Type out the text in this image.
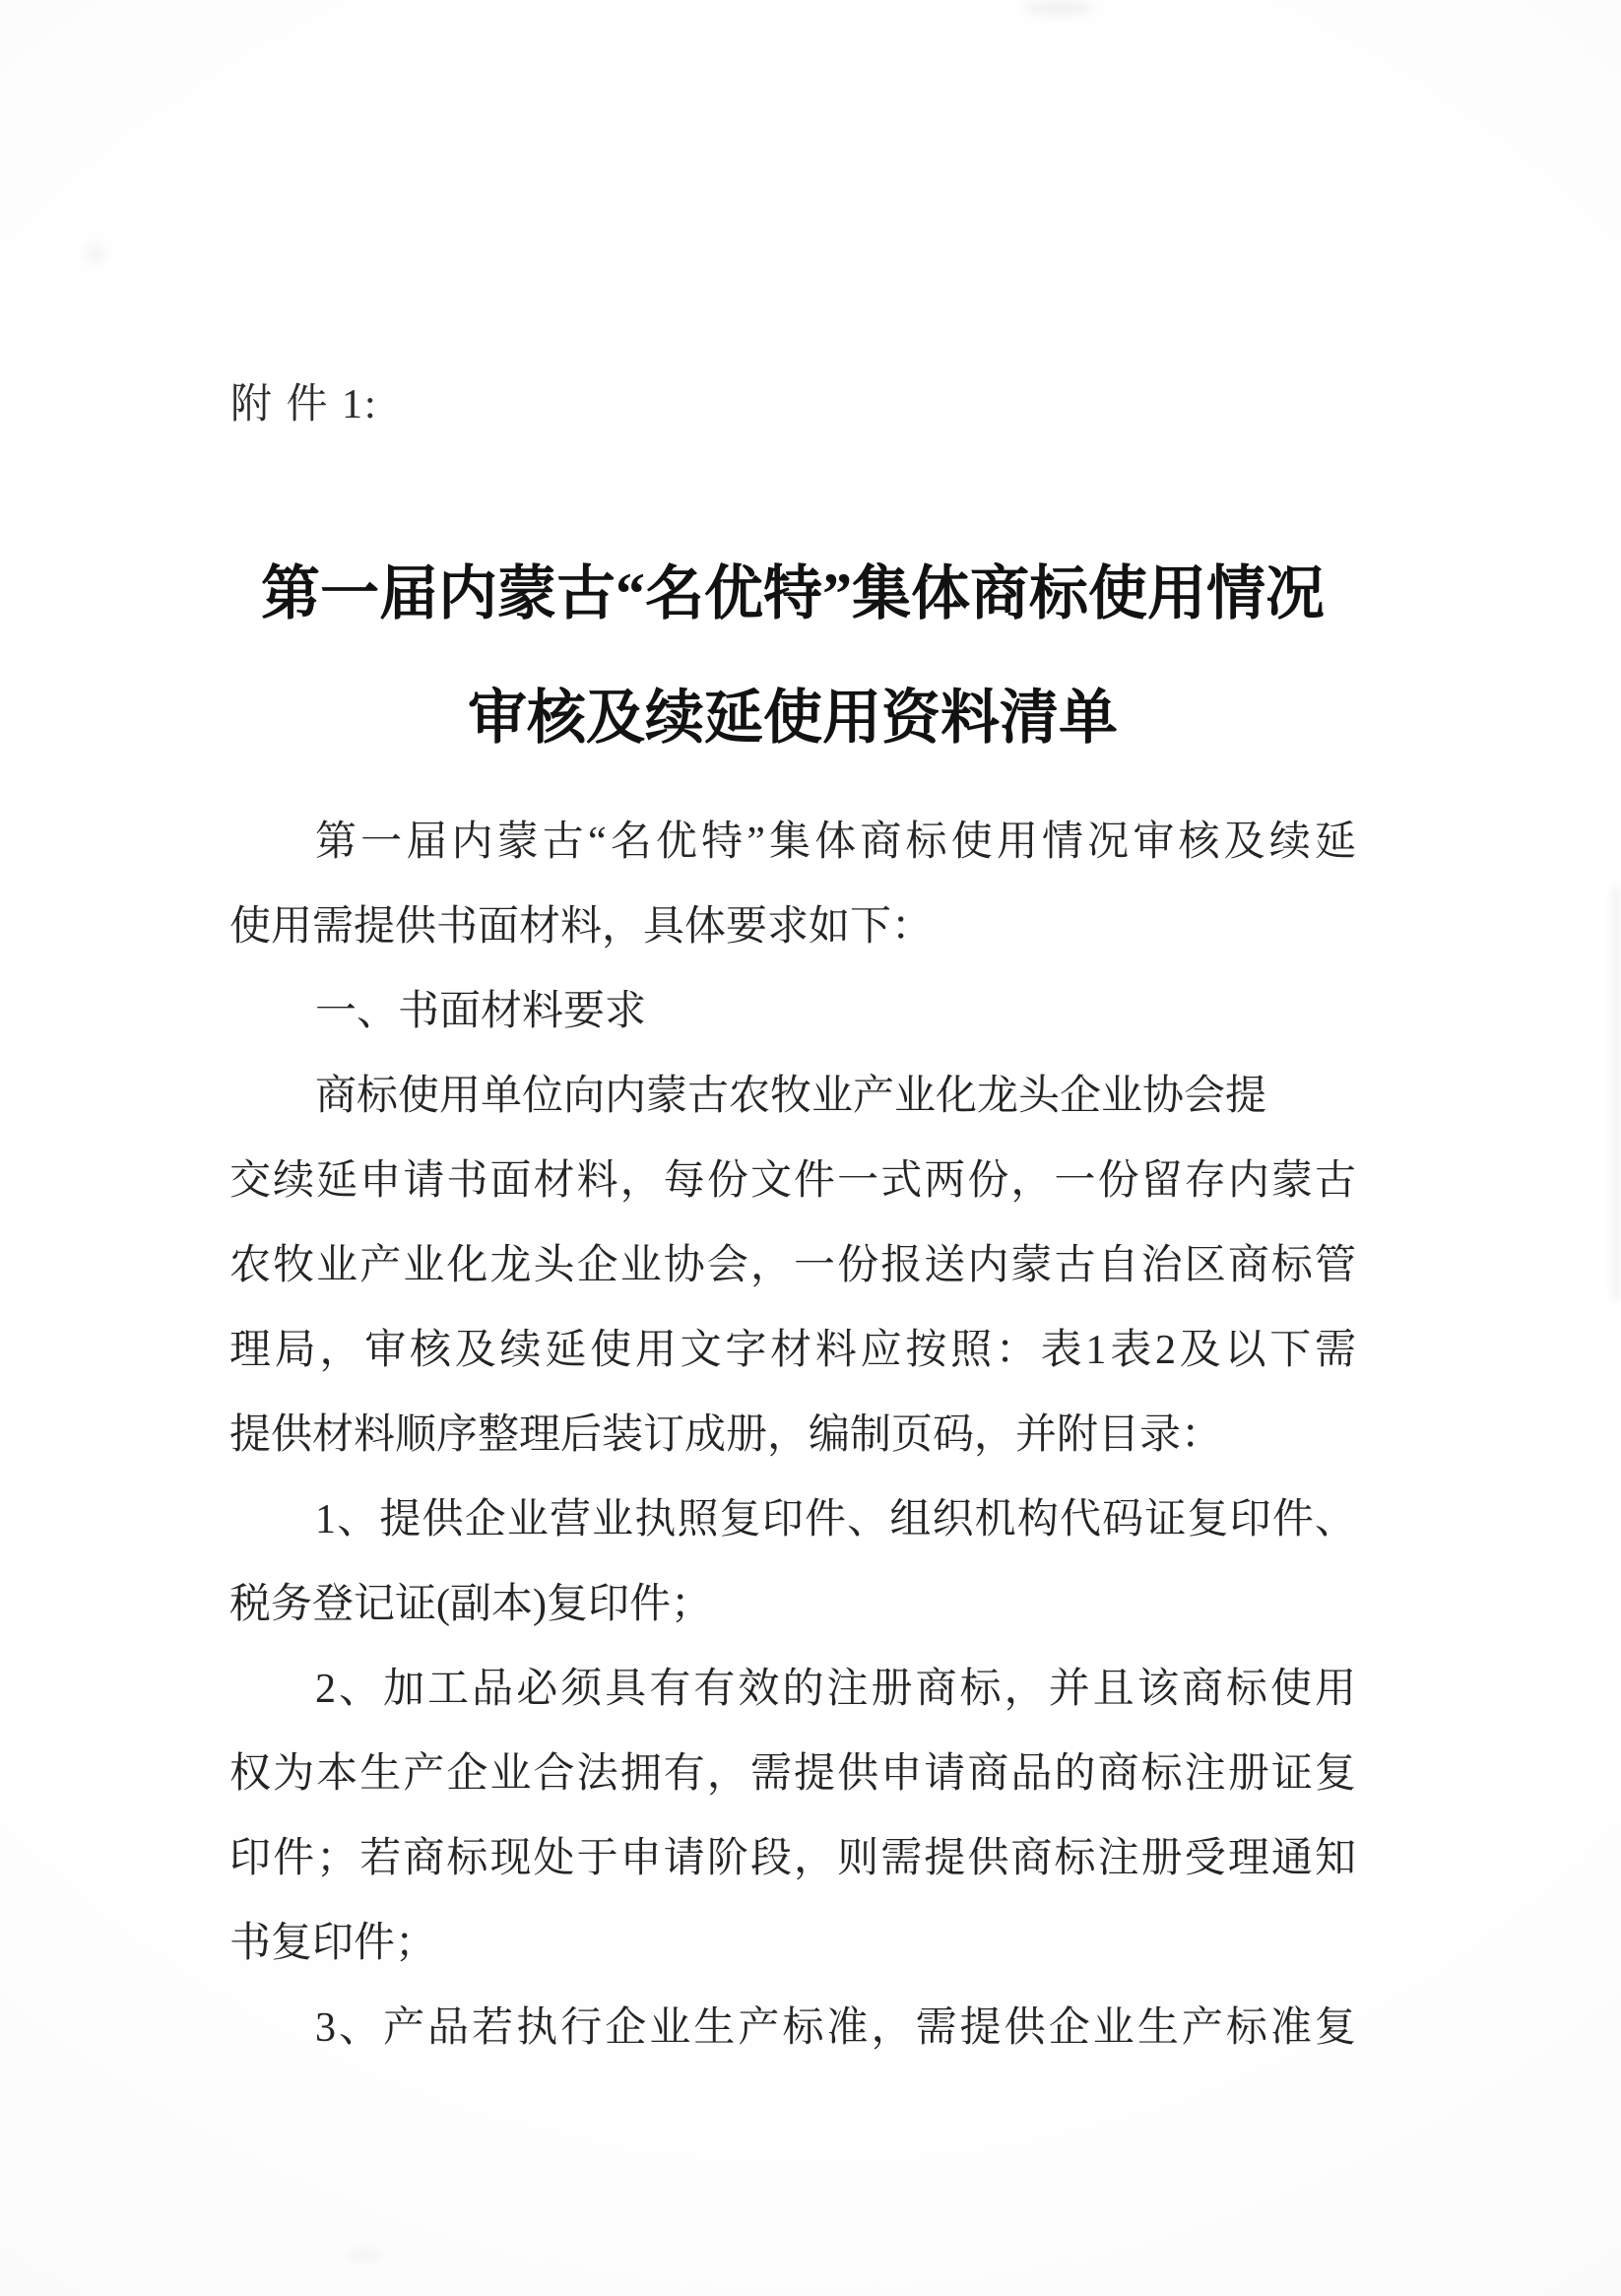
附 件 1:
第一届内蒙古“名优特”集体商标使用情况
审核及续延使用资料清单
第一届内蒙古“名优特”集体商标使用情况审核及续延
使用需提供书面材料，具体要求如下：
一、书面材料要求
商标使用单位向内蒙古农牧业产业化龙头企业协会提
交续延申请书面材料，每份文件一式两份，一份留存内蒙古
农牧业产业化龙头企业协会，一份报送内蒙古自治区商标管
理局，审核及续延使用文字材料应按照：表1表2及以下需
提供材料顺序整理后装订成册，编制页码，并附目录：
1、提供企业营业执照复印件、组织机构代码证复印件、
税务登记证(副本)复印件；
2、加工品必须具有有效的注册商标，并且该商标使用
权为本生产企业合法拥有，需提供申请商品的商标注册证复
印件；若商标现处于申请阶段，则需提供商标注册受理通知
书复印件；
3、产品若执行企业生产标准，需提供企业生产标准复
